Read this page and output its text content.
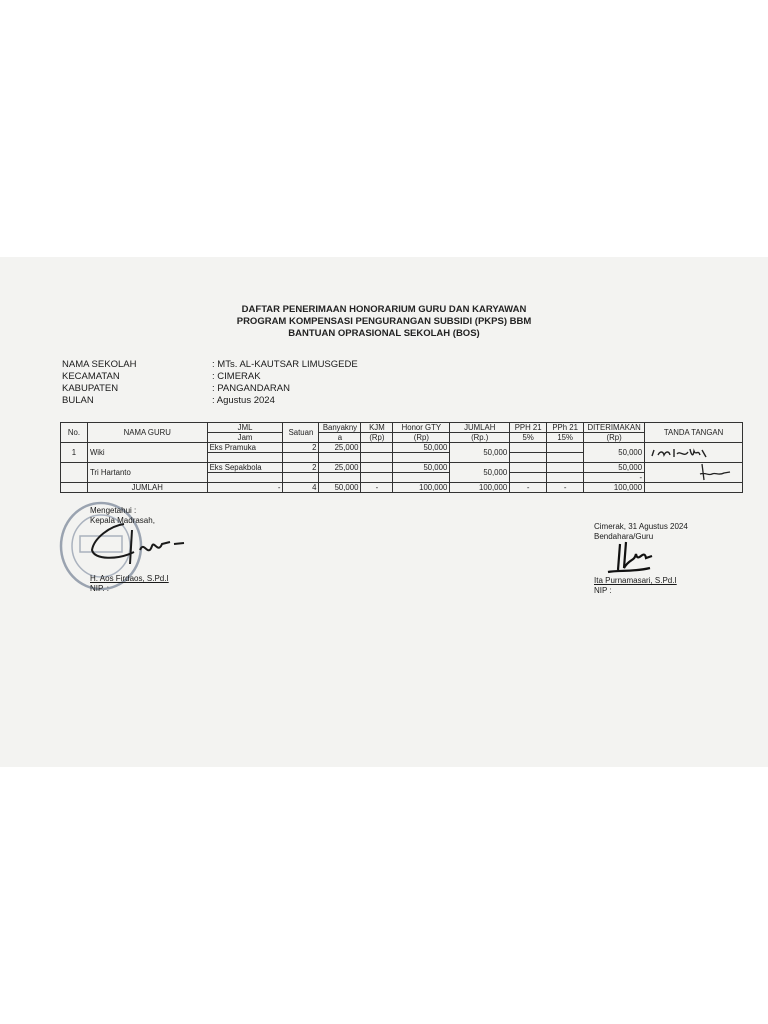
DAFTAR PENERIMAAN HONORARIUM GURU DAN KARYAWAN
PROGRAM KOMPENSASI PENGURANGAN SUBSIDI (PKPS) BBM
BANTUAN OPRASIONAL SEKOLAH (BOS)
NAMA SEKOLAH	: MTs. AL-KAUTSAR LIMUSGEDE
KECAMATAN	: CIMERAK
KABUPATEN	: PANGANDARAN
BULAN	: Agustus 2024
No.	NAMA GURU	JML	Satuan	Banyakny	KJM	Honor GTY	JUMLAH	PPH 21	PPh 21	DITERIMAKAN	TANDA TANGAN
		Jam		a	(Rp)	(Rp)	(Rp.)	5%	15%	(Rp)	
1	Wiki	Eks Pramuka	2	25,000		50,000	50,000			50,000	

	Tri Hartanto	Eks Sepakbola	2	25,000		50,000	50,000			50,000	
										-	
	JUMLAH	-	4	50,000	-	100,000	100,000	-	-	100,000	
Mengetahui :
Kepala Madrasah,
H. Aos Firdaos, S.Pd.I
NIP. :
Cimerak, 31 Agustus 2024
Bendahara/Guru
Ita Purnamasari, S.Pd.I
NIP :
